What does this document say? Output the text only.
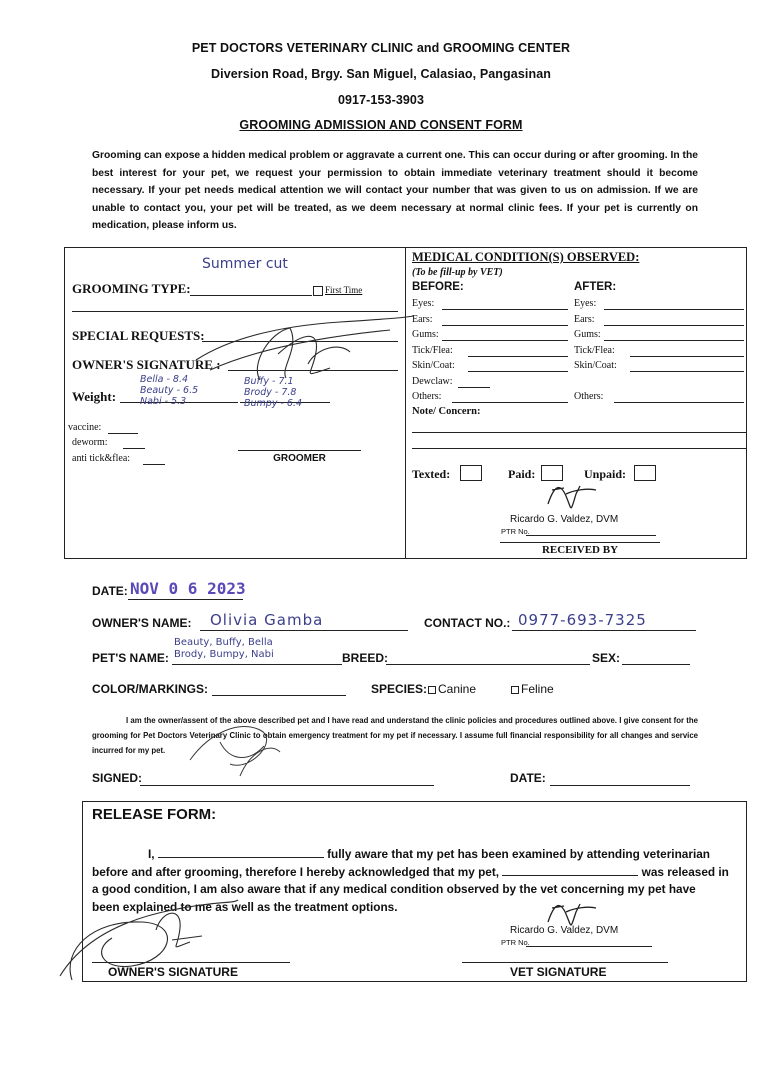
PET DOCTORS VETERINARY CLINIC and GROOMING CENTER
Diversion Road, Brgy. San Miguel, Calasiao, Pangasinan
0917-153-3903
GROOMING ADMISSION AND CONSENT FORM
Grooming can expose a hidden medical problem or aggravate a current one. This can occur during or after grooming. In the best interest for your pet, we request your permission to obtain immediate veterinary treatment should it become necessary. If your pet needs medical attention we will contact your number that was given to us on admission. If we are unable to contact you, your pet will be treated, as we deem necessary at normal clinic fees. If your pet is currently on medication, please inform us.
Summer cut
GROOMING TYPE:	First Time
SPECIAL REQUESTS:
OWNER'S SIGNATURE :
Weight:
Bella - 8.4
Beauty - 6.5
Nabi - 5.3
Buffy - 7.1
Brody - 7.8
Bumpy - 6.4
vaccine:
deworm:
anti tick&flea:	GROOMER
MEDICAL CONDITION(S) OBSERVED:
(To be fill-up by VET)
BEFORE:	AFTER:
Eyes:	Eyes:
Ears:	Ears:
Gums:	Gums:
Tick/Flea:	Tick/Flea:
Skin/Coat:	Skin/Coat:
Dewclaw:
Others:	Others:
Note/ Concern:
Texted:	Paid:	Unpaid:
Ricardo G. Valdez, DVM
PTR No.
RECEIVED BY
DATE: NOV 0 6 2023
OWNER'S NAME: Olivia Gamba	CONTACT NO.: 0977-693-7325
PET'S NAME:
Beauty, Buffy, Bella
Brody, Bumpy, Nabi	BREED:	SEX:
COLOR/MARKINGS:	SPECIES: Canine	Feline
I am the owner/assent of the above described pet and I have read and understand the clinic policies and procedures outlined above. I give consent for the grooming for Pet Doctors Veterinary Clinic to obtain emergency treatment for my pet if necessary. I assume full financial responsibility for all changes and service incurred for my pet.
SIGNED:	DATE:
RELEASE FORM:
I,	fully aware that my pet has been examined by attending veterinarian
before and after grooming, therefore I hereby acknowledged that my pet,	was released in
a good condition, I am also aware that if any medical condition observed by the vet concerning my pet have
been explained to me as well as the treatment options.
Ricardo G. Valdez, DVM
PTR No.
OWNER'S SIGNATURE	VET SIGNATURE
